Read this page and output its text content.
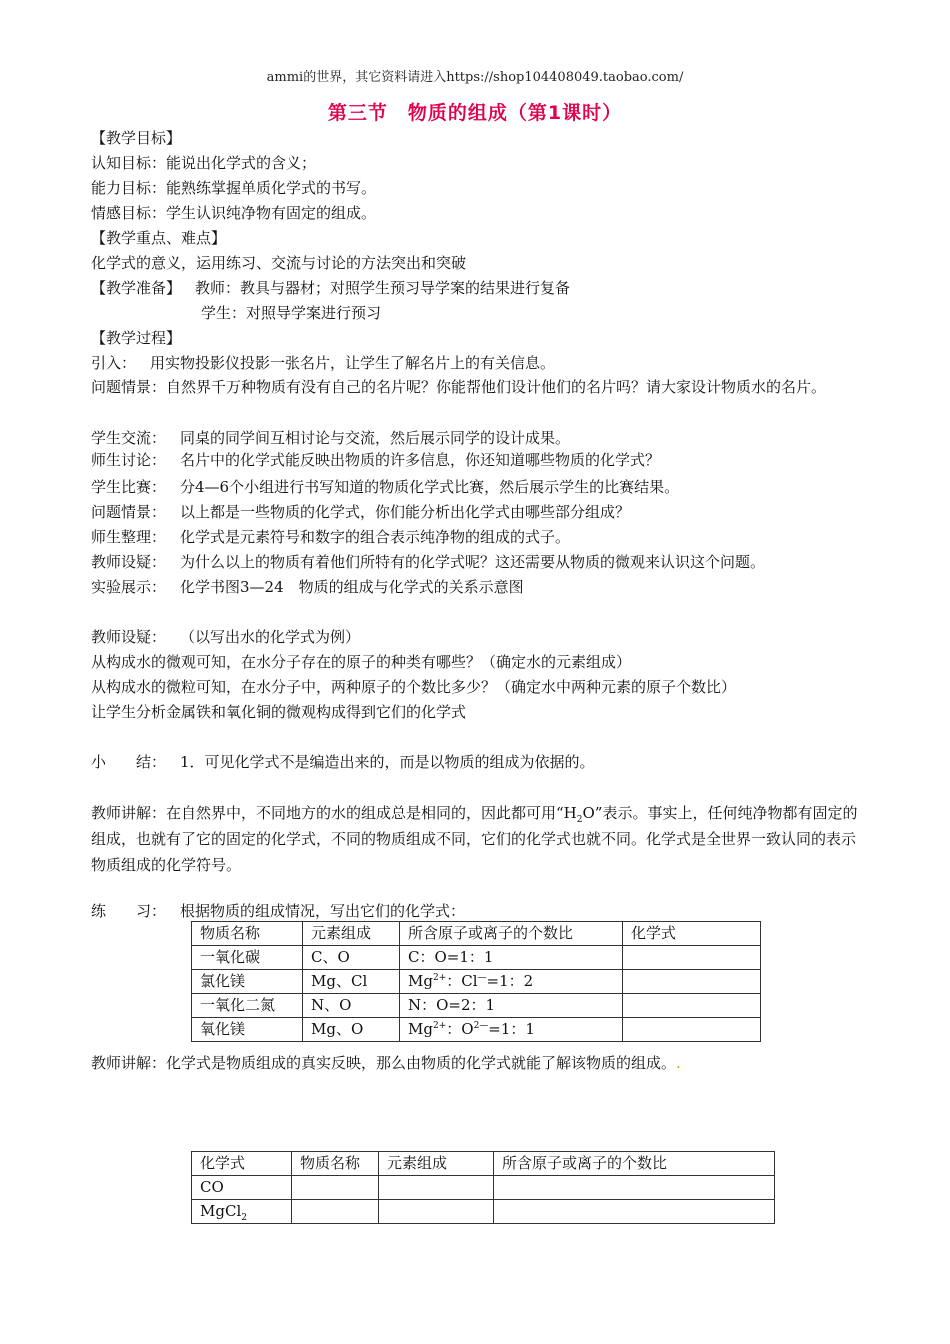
ammi的世界，其它资料请进入https://shop104408049.taobao.com/
第三节　物质的组成（第1课时）
【教学目标】
认知目标：能说出化学式的含义；
能力目标：能熟练掌握单质化学式的书写。
情感目标：学生认识纯净物有固定的组成。
【教学重点、难点】
化学式的意义，运用练习、交流与讨论的方法突出和突破
【教学准备】 教师：教具与器材；对照学生预习导学案的结果进行复备
学生：对照导学案进行预习
【教学过程】
引入： 用实物投影仪投影一张名片，让学生了解名片上的有关信息。
问题情景：自然界千万种物质有没有自己的名片呢？你能帮他们设计他们的名片吗？请大家设计物质水的名片。
学生交流： 同桌的同学间互相讨论与交流，然后展示同学的设计成果。
师生讨论： 名片中的化学式能反映出物质的许多信息，你还知道哪些物质的化学式？
学生比赛： 分4—6个小组进行书写知道的物质化学式比赛，然后展示学生的比赛结果。
问题情景： 以上都是一些物质的化学式，你们能分析出化学式由哪些部分组成？
师生整理： 化学式是元素符号和数字的组合表示纯净物的组成的式子。
教师设疑： 为什么以上的物质有着他们所特有的化学式呢？这还需要从物质的微观来认识这个问题。
实验展示： 化学书图3—24　物质的组成与化学式的关系示意图
教师设疑： （以写出水的化学式为例）
从构成水的微观可知，在水分子存在的原子的种类有哪些？（确定水的元素组成）
从构成水的微粒可知，在水分子中，两种原子的个数比多少？（确定水中两种元素的原子个数比）
让学生分析金属铁和氧化铜的微观构成得到它们的化学式
小　　结： 1．可见化学式不是编造出来的，而是以物质的组成为依据的。
教师讲解：在自然界中，不同地方的水的组成总是相同的，因此都可用“$H_2O$”表示。事实上，任何纯净物都有固定的组成，也就有了它的固定的化学式，不同的物质组成不同，它们的化学式也就不同。化学式是全世界一致认同的表示物质组成的化学符号。
练　　习： 根据物质的组成情况，写出它们的化学式：
物质名称	元素组成	所含原子或离子的个数比	化学式
一氧化碳	C、O	C：O=1：1	
氯化镁	Mg、Cl	$Mg^{2+}$：Cl—=1：2	
一氧化二氮	N、O	N：O=2：1	
氧化镁	Mg、O	$Mg^{2+}$：$O^{2—}=1$：1	
教师讲解：化学式是物质组成的真实反映，那么由物质的化学式就能了解该物质的组成。.
化学式	物质名称	元素组成	所含原子或离子的个数比
CO			
MgCl$_2$			
